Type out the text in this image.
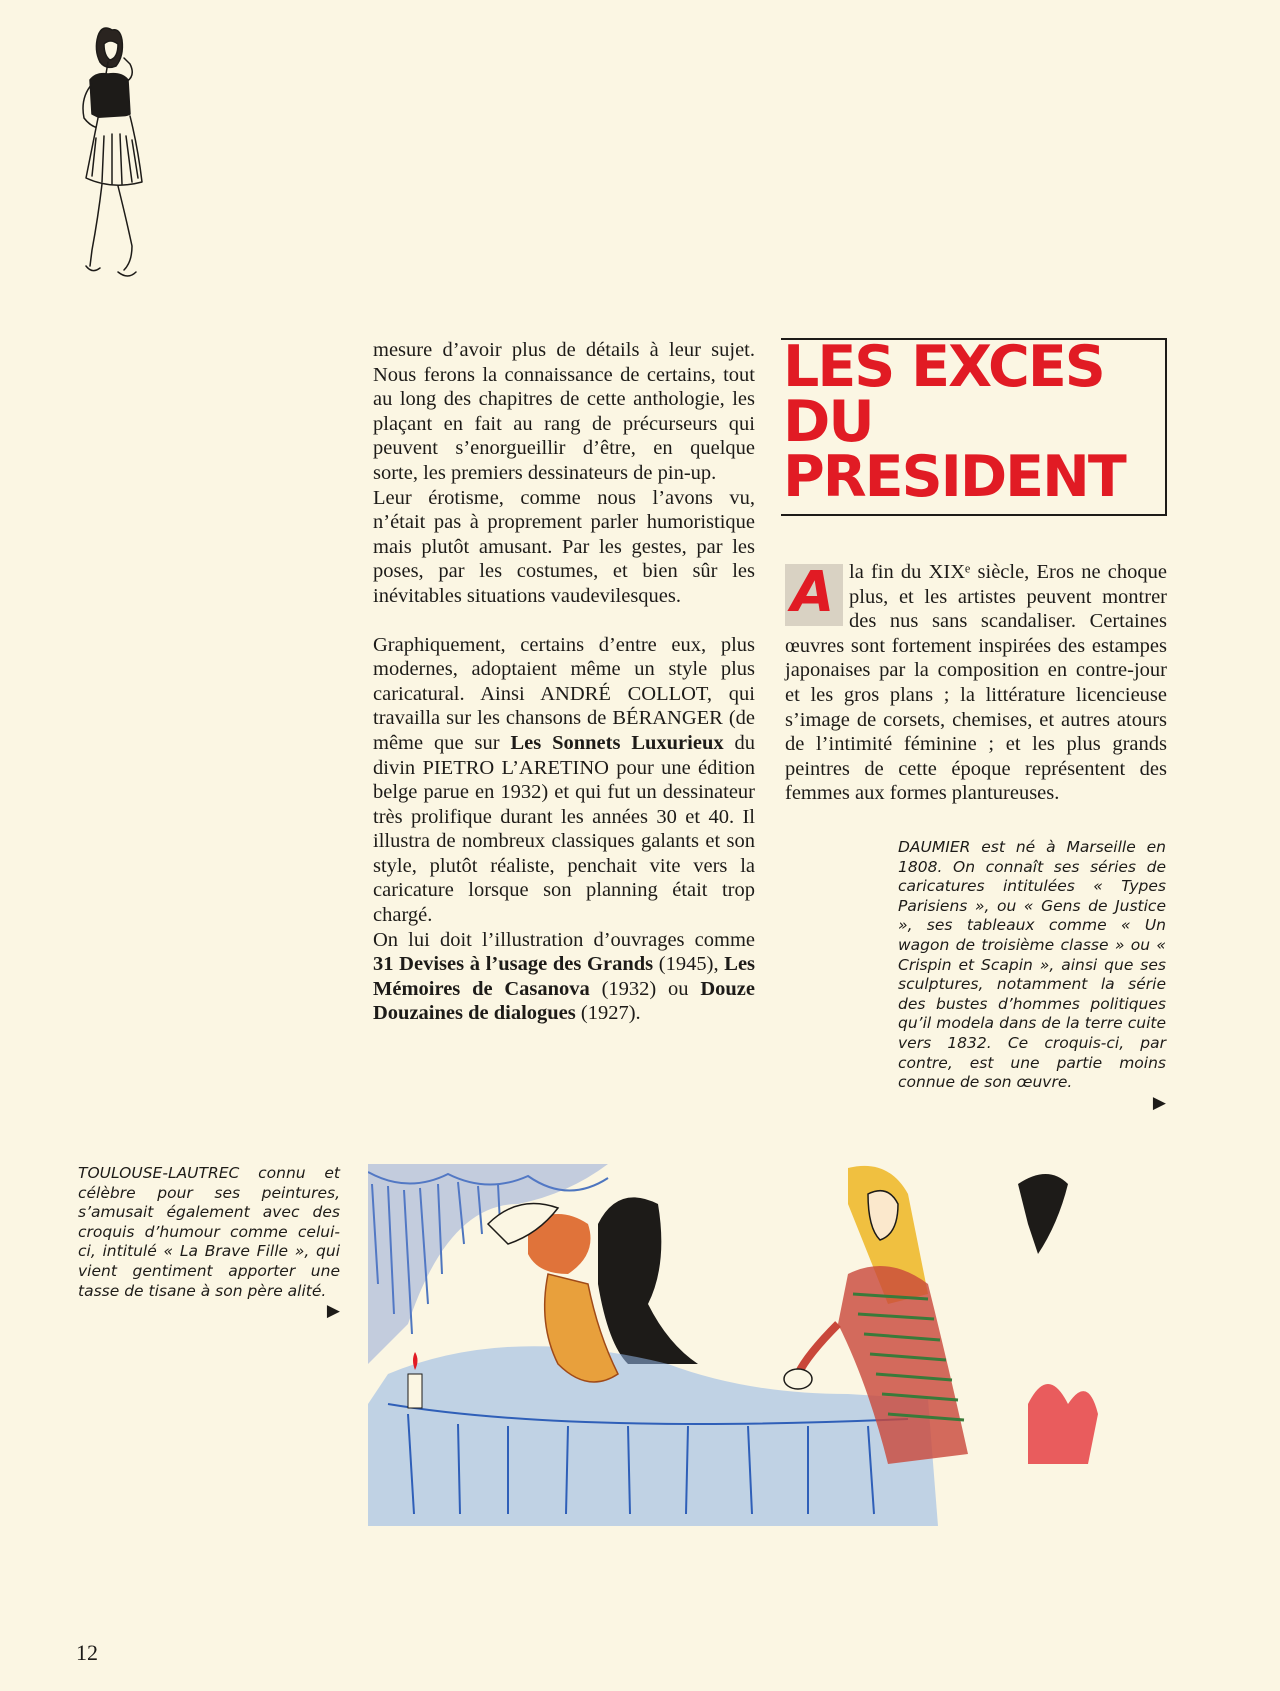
mesure d’avoir plus de détails à leur sujet. Nous ferons la connaissance de certains, tout au long des chapitres de cette anthologie, les plaçant en fait au rang de précurseurs qui peuvent s’enorgueillir d’être, en quelque sorte, les premiers dessinateurs de pin-up.

Leur érotisme, comme nous l’avons vu, n’était pas à proprement parler humoristique mais plutôt amusant. Par les gestes, par les poses, par les costumes, et bien sûr les inévitables situations vaudevilesques.

Graphiquement, certains d’entre eux, plus modernes, adoptaient même un style plus caricatural. Ainsi ANDRÉ COLLOT, qui travailla sur les chansons de BÉRANGER (de même que sur Les Sonnets Luxurieux du divin PIETRO L’ARETINO pour une édition belge parue en 1932) et qui fut un dessinateur très prolifique durant les années 30 et 40. Il illustra de nombreux classiques galants et son style, plutôt réaliste, penchait vite vers la caricature lorsque son planning était trop chargé.

On lui doit l’illustration d’ouvrages comme 31 Devises à l’usage des Grands (1945), Les Mémoires de Casanova (1932) ou Douze Douzaines de dialogues (1927).

LES EXCES
DU
PRESIDENT

A la fin du XIXᵉ siècle, Eros ne choque plus, et les artistes peuvent montrer des nus sans scandaliser. Certaines œuvres sont fortement inspirées des estampes japonaises par la composition en contre-jour et les gros plans ; la littérature licencieuse s’image de corsets, chemises, et autres atours de l’intimité féminine ; et les plus grands peintres de cette époque représentent des femmes aux formes plantureuses.

DAUMIER est né à Marseille en 1808. On connaît ses séries de caricatures intitulées « Types Parisiens », ou « Gens de Justice », ses tableaux comme « Un wagon de troisième classe » ou « Crispin et Scapin », ainsi que ses sculptures, notamment la série des bustes d’hommes politiques qu’il modela dans de la terre cuite vers 1832. Ce croquis-ci, par contre, est une partie moins connue de son œuvre.

▶

TOULOUSE-LAUTREC connu et célèbre pour ses peintures, s’amusait également avec des croquis d’humour comme celui-ci, intitulé « La Brave Fille », qui vient gentiment apporter une tasse de tisane à son père alité.

▶
12
